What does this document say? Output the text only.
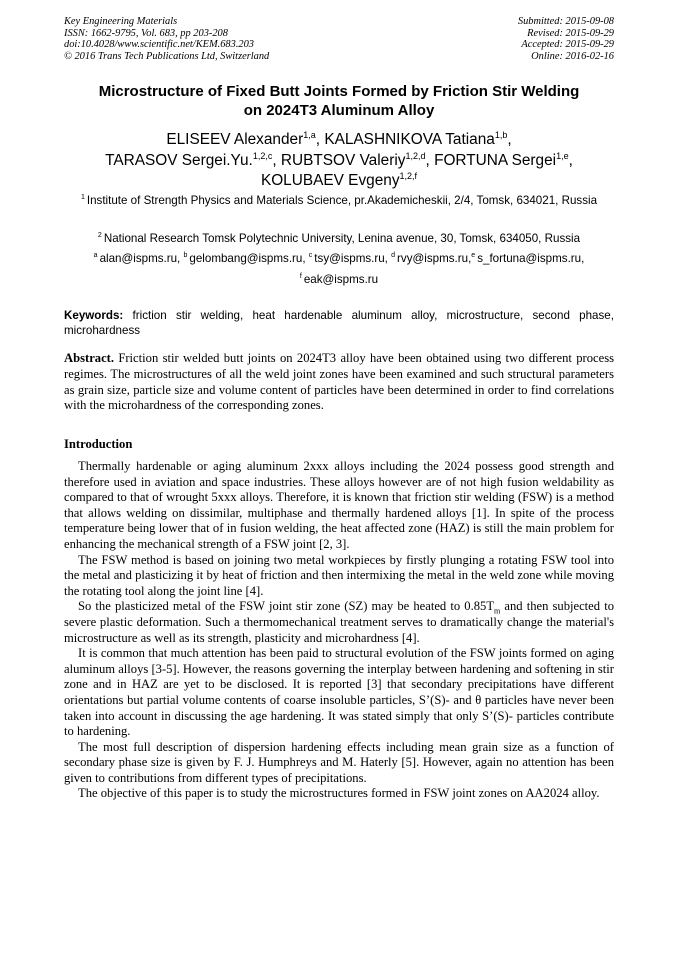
Key Engineering Materials
ISSN: 1662-9795, Vol. 683, pp 203-208
doi:10.4028/www.scientific.net/KEM.683.203
© 2016 Trans Tech Publications Ltd, Switzerland
Submitted: 2015-09-08
Revised: 2015-09-29
Accepted: 2015-09-29
Online: 2016-02-16
Microstructure of Fixed Butt Joints Formed by Friction Stir Welding
on 2024T3 Aluminum Alloy
ELISEEV Alexander$^{1,a}$, KALASHNIKOVA Tatiana$^{1,b}$,
TARASOV Sergei.Yu.$^{1,2,c}$, RUBTSOV Valeriy$^{1,2,d}$, FORTUNA Sergei$^{1,e}$,
KOLUBAEV Evgeny$^{1,2,f}$
$^1$ Institute of Strength Physics and Materials Science, pr.Akademicheskii, 2/4, Tomsk, 634021, Russia
$^2$ National Research Tomsk Polytechnic University, Lenina avenue, 30, Tomsk, 634050, Russia
$^a$ alan@ispms.ru, $^b$ gelombang@ispms.ru, $^c$ tsy@ispms.ru, $^d$ rvy@ispms.ru,$^e$ s_fortuna@ispms.ru,
$^f$ eak@ispms.ru
Keywords: friction stir welding, heat hardenable aluminum alloy, microstructure, second phase, microhardness
Abstract. Friction stir welded butt joints on 2024T3 alloy have been obtained using two different process regimes. The microstructures of all the weld joint zones have been examined and such structural parameters as grain size, particle size and volume content of particles have been determined in order to find correlations with the microhardness of the corresponding zones.
Introduction

Thermally hardenable or aging aluminum 2xxx alloys including the 2024 possess good strength and therefore used in aviation and space industries. These alloys however are of not high fusion weldability as compared to that of wrought 5xxx alloys. Therefore, it is known that friction stir welding (FSW) is a method that allows welding on dissimilar, multiphase and thermally hardened alloys [1]. In spite of the process temperature being lower that of in fusion welding, the heat affected zone (HAZ) is still the main problem for enhancing the mechanical strength of a FSW joint [2, 3].

The FSW method is based on joining two metal workpieces by firstly plunging a rotating FSW tool into the metal and plasticizing it by heat of friction and then intermixing the metal in the weld zone while moving the rotating tool along the joint line [4].

So the plasticized metal of the FSW joint stir zone (SZ) may be heated to $0.85T_m$ and then subjected to severe plastic deformation. Such a thermomechanical treatment serves to dramatically change the material's microstructure as well as its strength, plasticity and microhardness [4].

It is common that much attention has been paid to structural evolution of the FSW joints formed on aging aluminum alloys [3-5]. However, the reasons governing the interplay between hardening and softening in stir zone and in HAZ are yet to be disclosed. It is reported [3] that secondary precipitations have different orientations but partial volume contents of coarse insoluble particles, S’(S)- and θ particles have never been taken into account in discussing the age hardening. It was stated simply that only S’(S)- particles contribute to hardening.

The most full description of dispersion hardening effects including mean grain size as a function of secondary phase size is given by F. J. Humphreys and M. Haterly [5]. However, again no attention has been given to contributions from different types of precipitations.

The objective of this paper is to study the microstructures formed in FSW joint zones on AA2024 alloy.
